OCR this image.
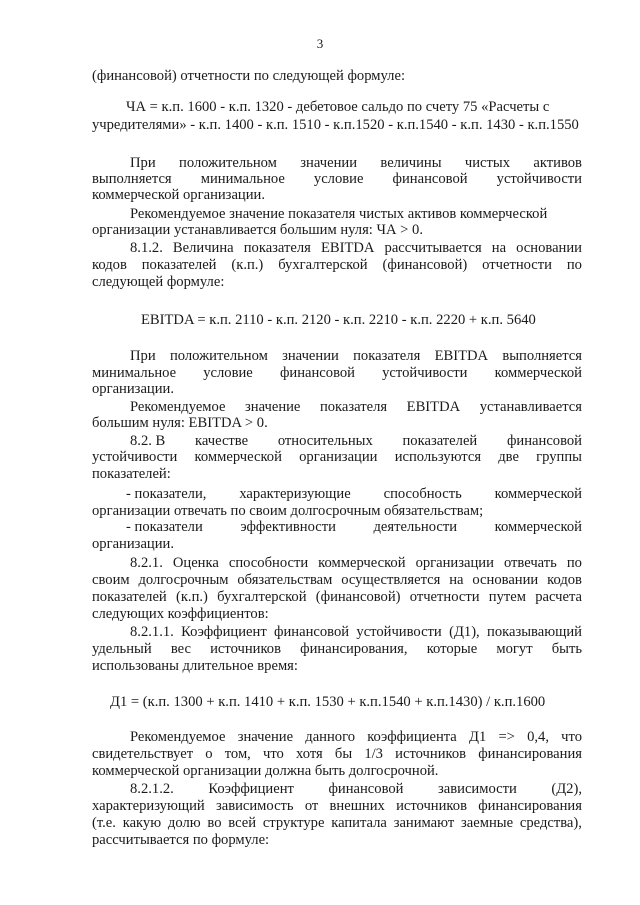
3
(финансовой) отчетности по следующей формуле:
ЧА = к.п. 1600 - к.п. 1320 - дебетовое сальдо по счету 75 «Расчеты с
учредителями» - к.п. 1400 - к.п. 1510 - к.п.1520 - к.п.1540 - к.п. 1430 - к.п.1550
При положительном значении величины чистых активов
выполняется минимальное условие финансовой устойчивости
коммерческой организации.
Рекомендуемое значение показателя чистых активов коммерческой
организации устанавливается большим нуля: ЧА > 0.
8.1.2. Величина показателя EBITDA рассчитывается на основании
кодов показателей (к.п.) бухгалтерской (финансовой) отчетности по
следующей формуле:
EBITDA = к.п. 2110 - к.п. 2120 - к.п. 2210 - к.п. 2220 + к.п. 5640
При положительном значении показателя EBITDA выполняется
минимальное условие финансовой устойчивости коммерческой
организации.
Рекомендуемое значение показателя EBITDA устанавливается
большим нуля: EBITDA > 0.
8.2. В качестве относительных показателей финансовой
устойчивости коммерческой организации используются две группы
показателей:
- показатели, характеризующие способность коммерческой
организации отвечать по своим долгосрочным обязательствам;
- показатели	эффективности	деятельности	коммерческой
организации.
8.2.1. Оценка способности коммерческой организации отвечать по
своим долгосрочным обязательствам осуществляется на основании кодов
показателей (к.п.) бухгалтерской (финансовой) отчетности путем расчета
следующих коэффициентов:
8.2.1.1. Коэффициент финансовой устойчивости (Д1), показывающий
удельный вес источников финансирования, которые могут быть
использованы длительное время:
Д1 = (к.п. 1300 + к.п. 1410 + к.п. 1530 + к.п.1540 + к.п.1430) / к.п.1600
Рекомендуемое значение данного коэффициента Д1 => 0,4, что
свидетельствует о том, что хотя бы 1/3 источников финансирования
коммерческой организации должна быть долгосрочной.
8.2.1.2. Коэффициент финансовой зависимости (Д2),
характеризующий зависимость от внешних источников финансирования
(т.е. какую долю во всей структуре капитала занимают заемные средства),
рассчитывается по формуле:
